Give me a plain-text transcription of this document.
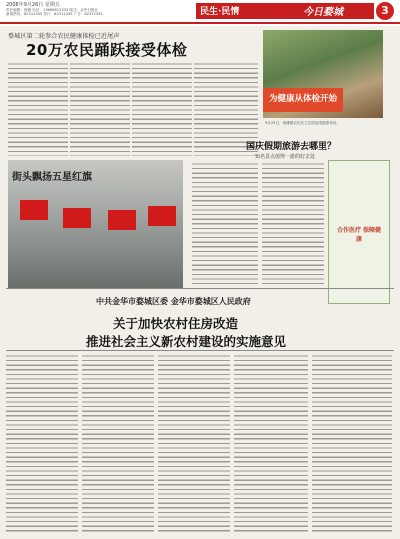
2008年9月26日 星期五
责任编辑：杨德 电话：13666612333 版式：金华日报社
新闻热线：82312345 发行：82312345 广告：82312345	民生·民情	今日婺城	3
婺城区第二轮参合农民健康体检已近尾声
20万农民踊跃接受体检
为健康从体检开始
9月25日，琅琊镇农民在卫生院接受健康体检。
街头飘扬五星红旗
国庆假期旅游去哪里？
知名景点值得一游的好去处
合作医疗 保障健康
中共金华市婺城区委 金华市婺城区人民政府
关于加快农村住房改造
推进社会主义新农村建设的实施意见
